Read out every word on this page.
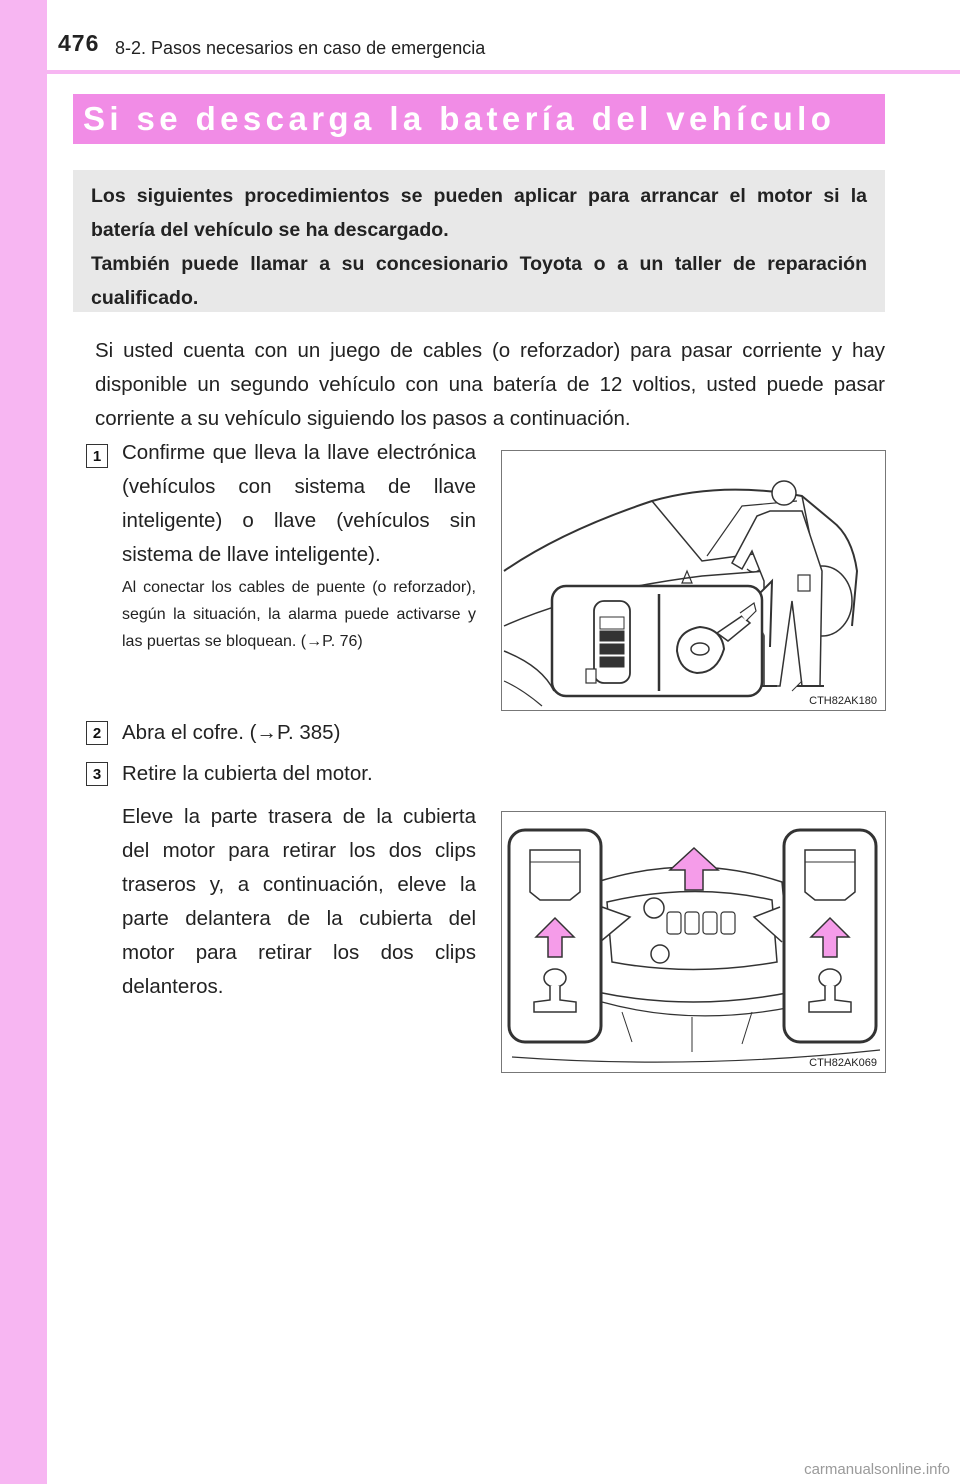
476 8-2. Pasos necesarios en caso de emergencia
Si se descarga la batería del vehículo

Los siguientes procedimientos se pueden aplicar para arrancar el motor si la batería del vehículo se ha descargado.

También puede llamar a su concesionario Toyota o a un taller de reparación cualificado.

Si usted cuenta con un juego de cables (o reforzador) para pasar corriente y hay disponible un segundo vehículo con una batería de 12 voltios, usted puede pasar corriente a su vehículo siguiendo los pasos a continuación.

1	Confirme que lleva la llave electrónica (vehículos con sistema de llave inteligente) o llave (vehículos sin sistema de llave inteligente).

Al conectar los cables de puente (o reforzador), según la situación, la alarma puede activarse y las puertas se bloquean. (→P. 76)

CTH82AK180
2	Abra el cofre. (→P. 385)

3	Retire la cubierta del motor.

Eleve la parte trasera de la cubierta del motor para retirar los dos clips traseros y, a continuación, eleve la parte delantera de la cubierta del motor para retirar los dos clips delanteros.

CTH82AK069
carmanualsonline.info
